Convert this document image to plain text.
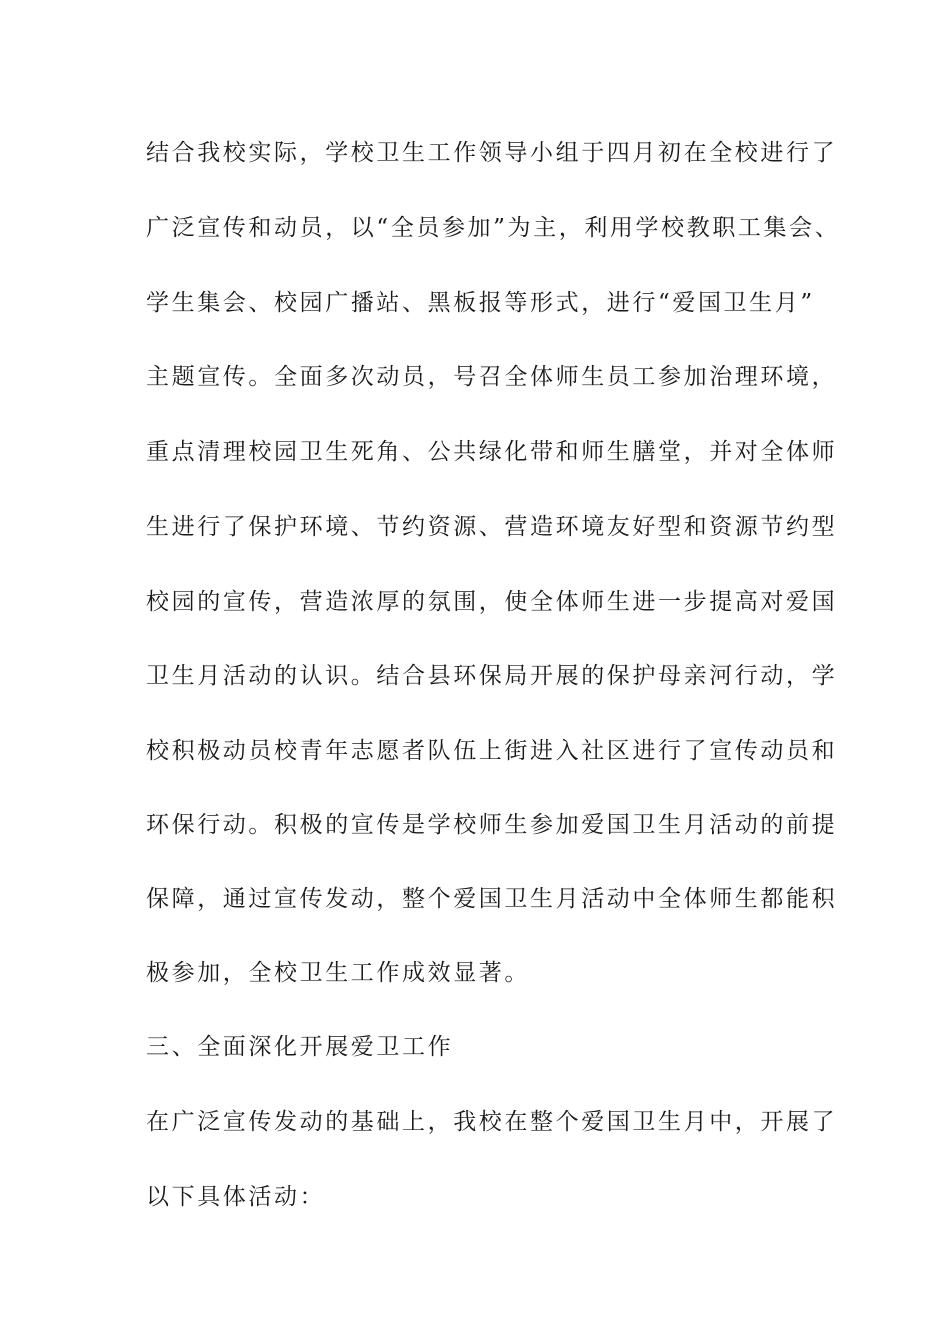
结合我校实际，学校卫生工作领导小组于四月初在全校进行了

广泛宣传和动员，以“全员参加”为主，利用学校教职工集会、

学生集会、校园广播站、黑板报等形式，进行“爱国卫生月”

主题宣传。全面多次动员，号召全体师生员工参加治理环境，

重点清理校园卫生死角、公共绿化带和师生膳堂，并对全体师

生进行了保护环境、节约资源、营造环境友好型和资源节约型

校园的宣传，营造浓厚的氛围，使全体师生进一步提高对爱国

卫生月活动的认识。结合县环保局开展的保护母亲河行动，学

校积极动员校青年志愿者队伍上街进入社区进行了宣传动员和

环保行动。积极的宣传是学校师生参加爱国卫生月活动的前提

保障，通过宣传发动，整个爱国卫生月活动中全体师生都能积

极参加，全校卫生工作成效显著。

三、全面深化开展爱卫工作

在广泛宣传发动的基础上，我校在整个爱国卫生月中，开展了

以下具体活动：
